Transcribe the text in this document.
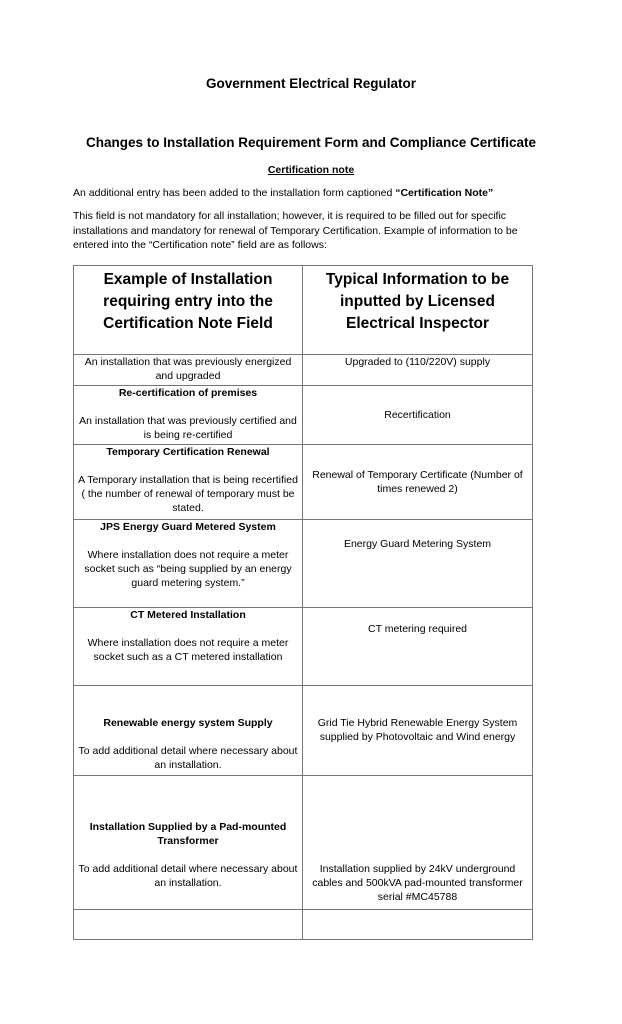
Government Electrical Regulator
Changes to Installation Requirement Form and Compliance Certificate
Certification note
An additional entry has been added to the installation form captioned “Certification Note”
This field is not mandatory for all installation; however, it is required to be filled out for specific installations and mandatory for renewal of Temporary Certification. Example of information to be entered into the “Certification note” field are as follows:
Example of Installation requiring entry into the Certification Note Field	Typical Information to be inputted by Licensed Electrical Inspector
An installation that was previously energized and upgraded	Upgraded to (110/220V) supply

Re-certification of premises
An installation that was previously certified and is being re-certified	Recertification

Temporary Certification Renewal
A Temporary installation that is being recertified ( the number of renewal of temporary must be stated.	Renewal of Temporary Certificate (Number of times renewed 2)

JPS Energy Guard Metered System
Where installation does not require a meter socket such as “being supplied by an energy guard metering system.”	Energy Guard Metering System

CT Metered Installation
Where installation does not require a meter socket such as a CT metered installation	CT metering required

Renewable energy system Supply
To add additional detail where necessary about an installation.	Grid Tie Hybrid Renewable Energy System supplied by Photovoltaic and Wind energy

Installation Supplied by a Pad-mounted Transformer
To add additional detail where necessary about an installation.	Installation supplied by 24kV underground cables and 500kVA pad-mounted transformer serial #MC45788
